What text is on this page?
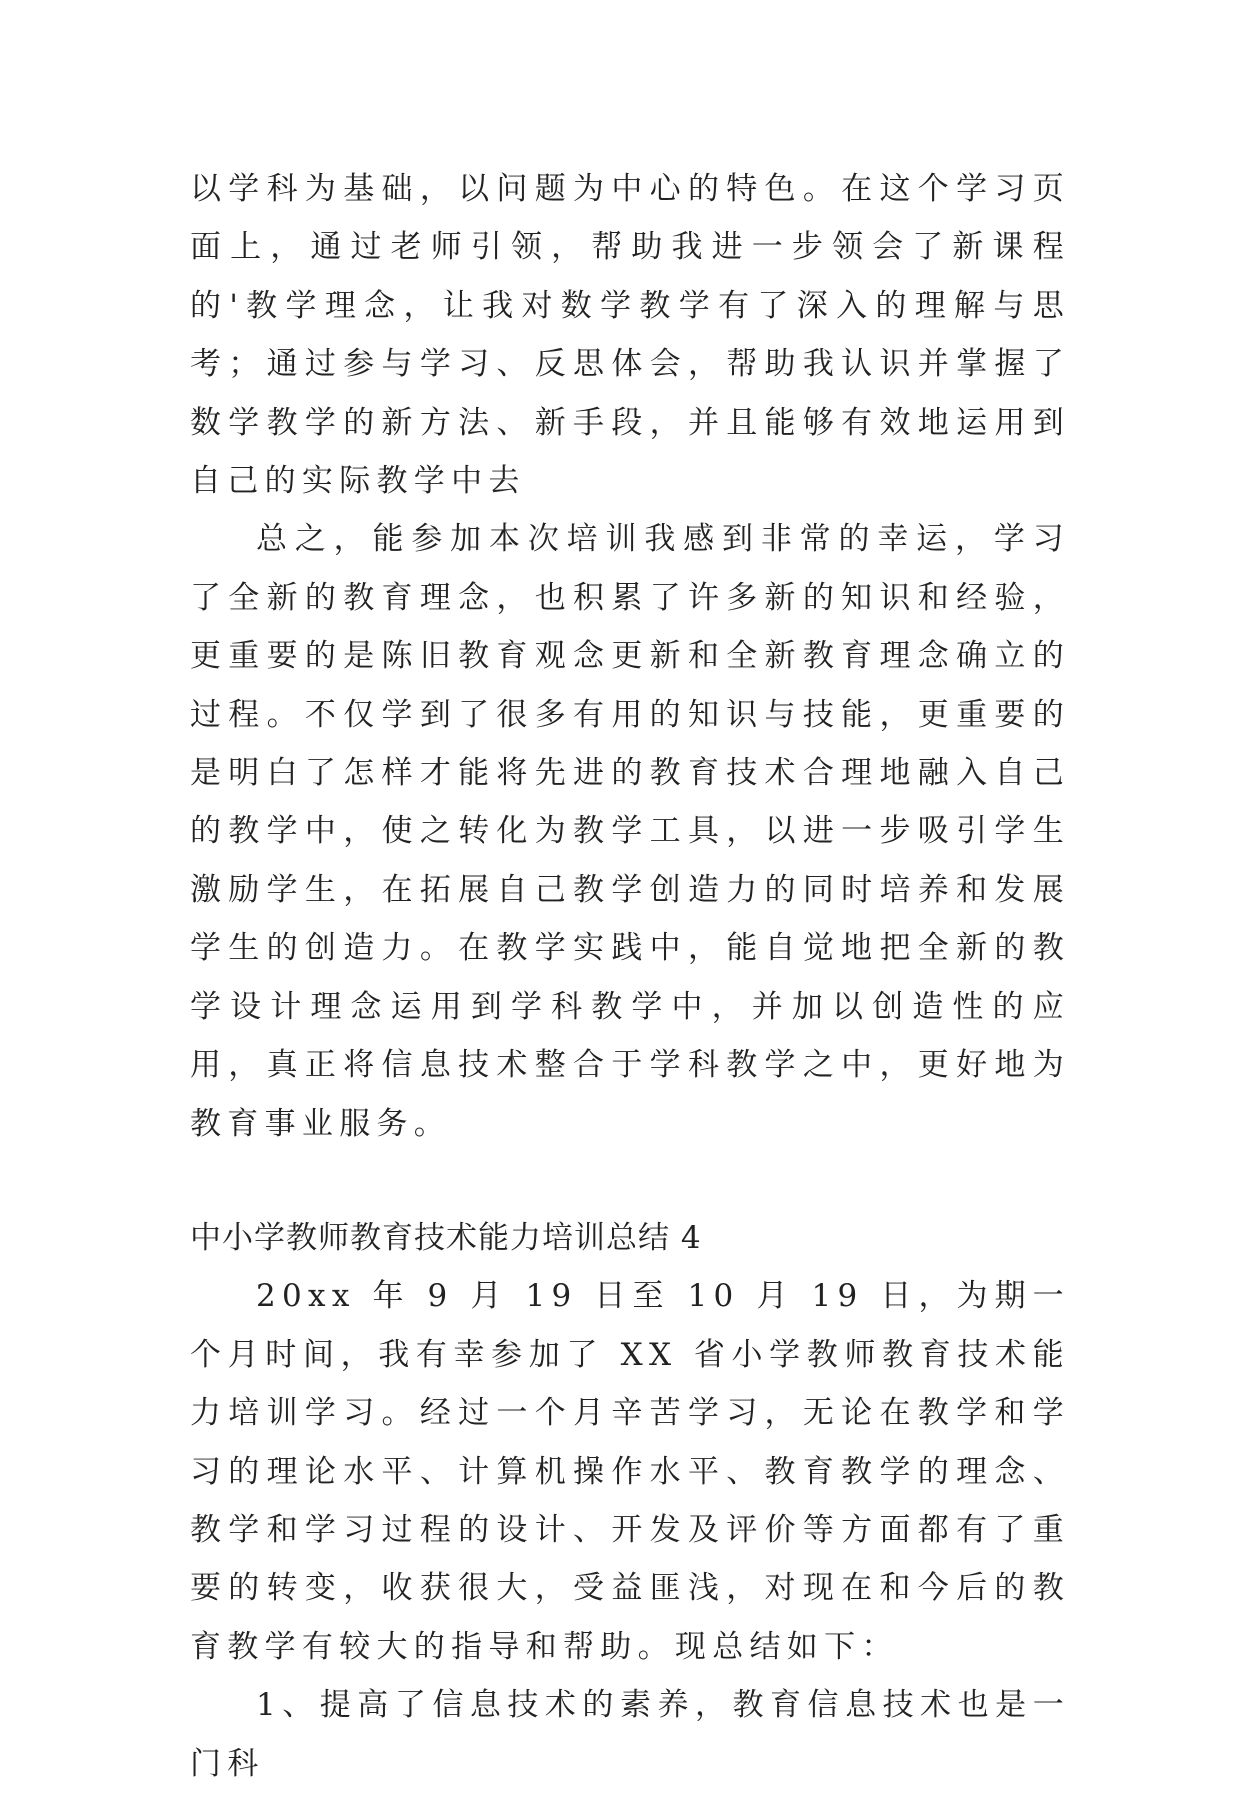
以学科为基础，以问题为中心的特色。在这个学习页面上，通过老师引领，帮助我进一步领会了新课程的'教学理念，让我对数学教学有了深入的理解与思考；通过参与学习、反思体会，帮助我认识并掌握了数学教学的新方法、新手段，并且能够有效地运用到自己的实际教学中去

总之，能参加本次培训我感到非常的幸运，学习了全新的教育理念，也积累了许多新的知识和经验，更重要的是陈旧教育观念更新和全新教育理念确立的过程。不仅学到了很多有用的知识与技能，更重要的是明白了怎样才能将先进的教育技术合理地融入自己的教学中，使之转化为教学工具，以进一步吸引学生激励学生，在拓展自己教学创造力的同时培养和发展学生的创造力。在教学实践中，能自觉地把全新的教学设计理念运用到学科教学中，并加以创造性的应用，真正将信息技术整合于学科教学之中，更好地为教育事业服务。

中小学教师教育技术能力培训总结 4

20xx 年 9 月 19 日至 10 月 19 日，为期一个月时间，我有幸参加了 XX 省小学教师教育技术能力培训学习。经过一个月辛苦学习，无论在教学和学习的理论水平、计算机操作水平、教育教学的理念、教学和学习过程的设计、开发及评价等方面都有了重要的转变，收获很大，受益匪浅，对现在和今后的教育教学有较大的指导和帮助。现总结如下：

1、提高了信息技术的素养，教育信息技术也是一门科
